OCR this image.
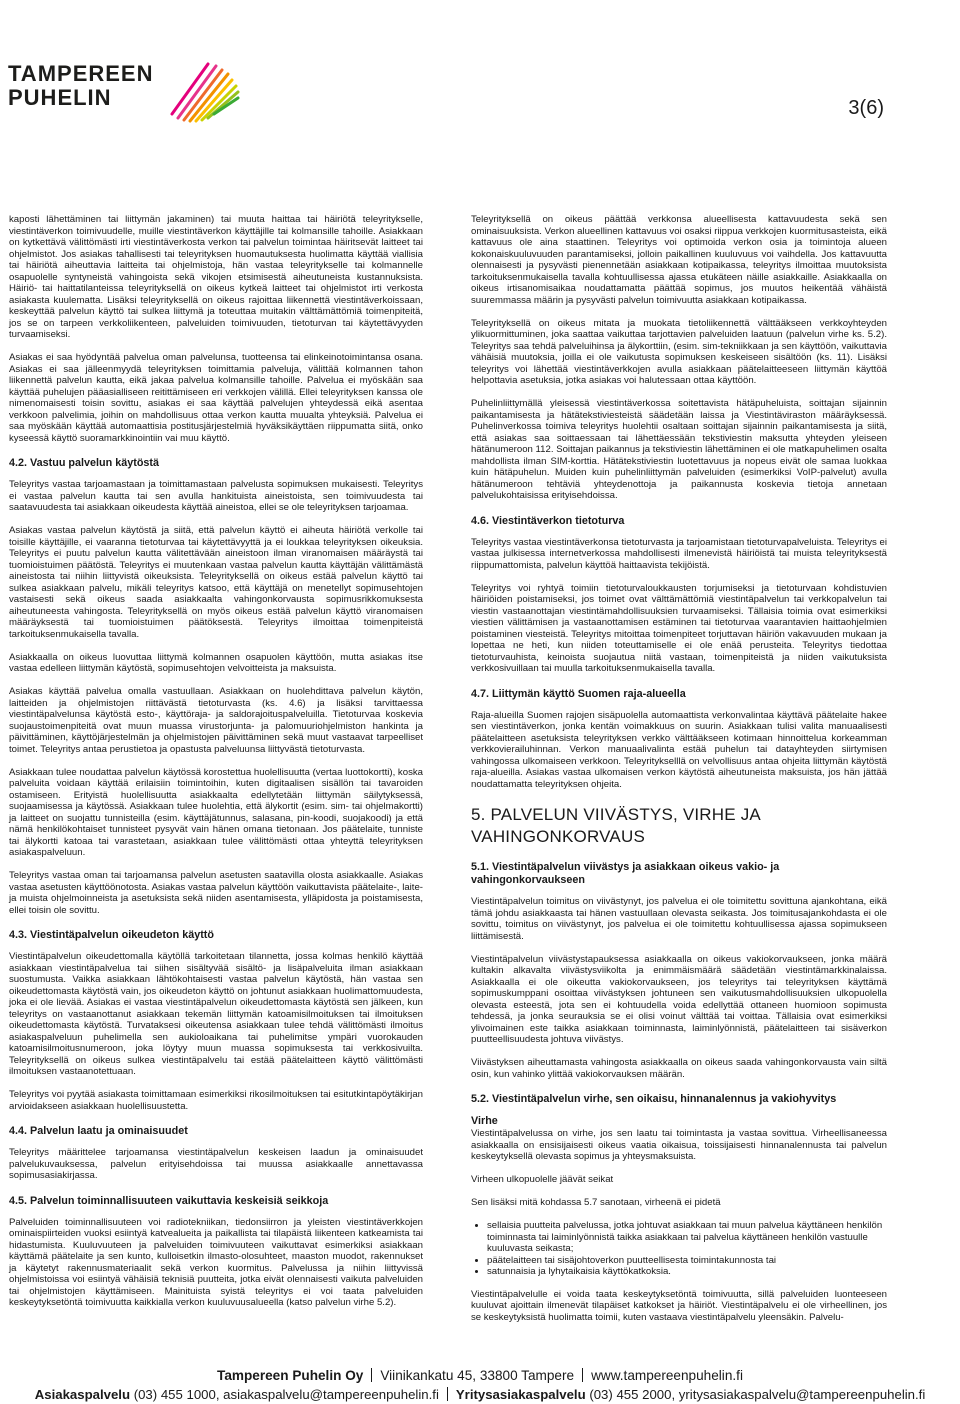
TAMPEREEN
PUHELIN	3(6)

kaposti lähettäminen tai liittymän jakaminen) tai muuta haittaa tai häiriötä teleyritykselle, viestintäverkon toimivuudelle, muille viestintäverkon käyttäjille tai kolmansille tahoille. Asiakkaan on kytkettävä välittömästi irti viestintäverkosta verkon tai palvelun toimintaa häiritsevät laitteet tai ohjelmistot. Jos asiakas tahallisesti tai teleyrityksen huomautuksesta huolimatta käyttää viallisia tai häiriötä aiheuttavia laitteita tai ohjelmistoja, hän vastaa teleyritykselle tai kolmannelle osapuolelle syntyneistä vahingoista sekä vikojen etsimisestä aiheutuneista kustannuksista. Häiriö- tai haittatilanteissa teleyrityksellä on oikeus kytkeä laitteet tai ohjelmistot irti verkosta asiakasta kuulematta. Lisäksi teleyrityksellä on oikeus rajoittaa liikennettä viestintäverkoissaan, keskeyttää palvelun käyttö tai sulkea liittymä ja toteuttaa muitakin välttämättömiä toimenpiteitä, jos se on tarpeen verkkoliikenteen, palveluiden toimivuuden, tietoturvan tai käytettävyyden turvaamiseksi.

Asiakas ei saa hyödyntää palvelua oman palvelunsa, tuotteensa tai elinkeinotoimintansa osana. Asiakas ei saa jälleenmyydä teleyrityksen toimittamia palveluja, välittää kolmannen tahon liikennettä palvelun kautta, eikä jakaa palvelua kolmansille tahoille. Palvelua ei myöskään saa käyttää puhelujen pääasialliseen reitittämiseen eri verkkojen välillä. Ellei teleyrityksen kanssa ole nimenomaisesti toisin sovittu, asiakas ei saa käyttää palvelujen yhteydessä eikä asentaa verkkoon palvelimia, joihin on mahdollisuus ottaa verkon kautta muualta yhteyksiä. Palvelua ei saa myöskään käyttää automaattisia postitusjärjestelmiä hyväksikäyttäen riippumatta siitä, onko kyseessä käyttö suoramarkkinointiin vai muu käyttö.

4.2. Vastuu palvelun käytöstä

Teleyritys vastaa tarjoamastaan ja toimittamastaan palvelusta sopimuksen mukaisesti. Teleyritys ei vastaa palvelun kautta tai sen avulla hankituista aineistoista, sen toimivuudesta tai saatavuudesta tai asiakkaan oikeudesta käyttää aineistoa, ellei se ole teleyrityksen tarjoamaa.

Asiakas vastaa palvelun käytöstä ja siitä, että palvelun käyttö ei aiheuta häiriötä verkolle tai toisille käyttäjille, ei vaaranna tietoturvaa tai käytettävyyttä ja ei loukkaa teleyrityksen oikeuksia. Teleyritys ei puutu palvelun kautta välitettävään aineistoon ilman viranomaisen määräystä tai tuomioistuimen päätöstä. Teleyritys ei muutenkaan vastaa palvelun kautta käyttäjän välittämästä aineistosta tai niihin liittyvistä oikeuksista. Teleyrityksellä on oikeus estää palvelun käyttö tai sulkea asiakkaan palvelu, mikäli teleyritys katsoo, että käyttäjä on menetellyt sopimusehtojen vastaisesti sekä oikeus saada asiakkaalta vahingonkorvausta sopimusrikkomuksesta aiheutuneesta vahingosta. Teleyrityksellä on myös oikeus estää palvelun käyttö viranomaisen määräyksestä tai tuomioistuimen päätöksestä. Teleyritys ilmoittaa toimenpiteistä tarkoituksenmukaisella tavalla.

Asiakkaalla on oikeus luovuttaa liittymä kolmannen osapuolen käyttöön, mutta asiakas itse vastaa edelleen liittymän käytöstä, sopimusehtojen velvoitteista ja maksuista.

Asiakas käyttää palvelua omalla vastuullaan. Asiakkaan on huolehdittava palvelun käytön, laitteiden ja ohjelmistojen riittävästä tietoturvasta (ks. 4.6) ja lisäksi tarvittaessa viestintäpalvelunsa käytöstä esto-, käyttöraja- ja saldorajoituspalveluilla. Tietoturvaa koskevia suojaustoimenpiteitä ovat muun muassa virustorjunta- ja palomuuriohjelmiston hankinta ja päivittäminen, käyttöjärjestelmän ja ohjelmistojen päivittäminen sekä muut vastaavat tarpeelliset toimet. Teleyritys antaa perustietoa ja opastusta palveluunsa liittyvästä tietoturvasta.

Asiakkaan tulee noudattaa palvelun käytössä korostettua huolellisuutta (vertaa luottokortti), koska palveluita voidaan käyttää erilaisiin toimintoihin, kuten digitaalisen sisällön tai tavaroiden ostamiseen. Erityistä huolellisuutta asiakkaalta edellytetään liittymän säilytyksessä, suojaamisessa ja käytössä. Asiakkaan tulee huolehtia, että älykortit (esim. sim- tai ohjelmakortti) ja laitteet on suojattu tunnisteilla (esim. käyttäjätunnus, salasana, pin-koodi, suojakoodi) ja että nämä henkilökohtaiset tunnisteet pysyvät vain hänen omana tietonaan. Jos päätelaite, tunniste tai älykortti katoaa tai varastetaan, asiakkaan tulee välittömästi ottaa yhteyttä teleyrityksen asiakaspalveluun.

Teleyritys vastaa oman tai tarjoamansa palvelun asetusten saatavilla olosta asiakkaalle. Asiakas vastaa asetusten käyttöönotosta. Asiakas vastaa palvelun käyttöön vaikuttavista päätelaite-, laite- ja muista ohjelmoinneista ja asetuksista sekä niiden asentamisesta, ylläpidosta ja poistamisesta, ellei toisin ole sovittu.

4.3. Viestintäpalvelun oikeudeton käyttö

Viestintäpalvelun oikeudettomalla käytöllä tarkoitetaan tilannetta, jossa kolmas henkilö käyttää asiakkaan viestintäpalvelua tai siihen sisältyvää sisältö- ja lisäpalveluita ilman asiakkaan suostumusta. Vaikka asiakkaan lähtökohtaisesti vastaa palvelun käytöstä, hän vastaa sen oikeudettomasta käytöstä vain, jos oikeudeton käyttö on johtunut asiakkaan huolimattomuudesta, joka ei ole lievää. Asiakas ei vastaa viestintäpalvelun oikeudettomasta käytöstä sen jälkeen, kun teleyritys on vastaanottanut asiakkaan tekemän liittymän katoamisilmoituksen tai ilmoituksen oikeudettomasta käytöstä. Turvataksesi oikeutensa asiakkaan tulee tehdä välittömästi ilmoitus asiakaspalveluun puhelimella sen aukioloaikana tai puhelimitse ympäri vuorokauden katoamisilmoitusnumeroon, joka löytyy muun muassa sopimuksesta tai verkkosivuilta. Teleyrityksellä on oikeus sulkea viestintäpalvelu tai estää päätelaitteen käyttö välittömästi ilmoituksen vastaanotettuaan.

Teleyritys voi pyytää asiakasta toimittamaan esimerkiksi rikosilmoituksen tai esitutkintapöytäkirjan arvioidakseen asiakkaan huolellisuustetta.

4.4. Palvelun laatu ja ominaisuudet

Teleyritys määrittelee tarjoamansa viestintäpalvelun keskeisen laadun ja ominaisuudet palvelukuvauksessa, palvelun erityisehdoissa tai muussa asiakkaalle annettavassa sopimusasiakirjassa.

4.5. Palvelun toiminnallisuuteen vaikuttavia keskeisiä seikkoja

Palveluiden toiminnallisuuteen voi radiotekniikan, tiedonsiirron ja yleisten viestintäverkkojen ominaispiirteiden vuoksi esiintyä katvealueita ja paikallista tai tilapäistä liikenteen katkeamista tai hidastumista. Kuuluvuuteen ja palveluiden toimivuuteen vaikuttavat esimerkiksi asiakkaan käyttämä päätelaite ja sen kunto, kulloisetkin ilmasto-olosuhteet, maaston muodot, rakennukset ja käytetyt rakennusmateriaalit sekä verkon kuormitus. Palvelussa ja niihin liittyvissä ohjelmistoissa voi esiintyä vähäisiä teknisiä puutteita, jotka eivät olennaisesti vaikuta palveluiden tai ohjelmistojen käyttämiseen. Mainituista syistä teleyritys ei voi taata palveluiden keskeytyksetöntä toimivuutta kaikkialla verkon kuuluvuusalueella (katso palvelun virhe 5.2).

Teleyrityksellä on oikeus päättää verkkonsa alueellisesta kattavuudesta sekä sen ominaisuuksista. Verkon alueellinen kattavuus voi osaksi riippua verkkojen kuormitusasteista, eikä kattavuus ole aina staattinen. Teleyritys voi optimoida verkon osia ja toimintoja alueen kokonaiskuuluvuuden parantamiseksi, jolloin paikallinen kuuluvuus voi vaihdella. Jos kattavuutta olennaisesti ja pysyvästi pienennetään asiakkaan kotipaikassa, teleyritys ilmoittaa muutoksista tarkoituksenmukaisella tavalla kohtuullisessa ajassa etukäteen näille asiakkaille. Asiakkaalla on oikeus irtisanomisaikaa noudattamatta päättää sopimus, jos muutos heikentää vähäistä suuremmassa määrin ja pysyvästi palvelun toimivuutta asiakkaan kotipaikassa.

Teleyrityksellä on oikeus mitata ja muokata tietoliikennettä välttääkseen verkkoyhteyden ylikuormittuminen, joka saattaa vaikuttaa tarjottavien palveluiden laatuun (palvelun virhe ks. 5.2). Teleyritys saa tehdä palveluihinsa ja älykorttiin, (esim. sim-tekniikkaan ja sen käyttöön, vaikuttavia vähäisiä muutoksia, joilla ei ole vaikutusta sopimuksen keskeiseen sisältöön (ks. 11). Lisäksi teleyritys voi lähettää viestintäverkkojen avulla asiakkaan päätelaitteeseen liittymän käyttöä helpottavia asetuksia, jotka asiakas voi halutessaan ottaa käyttöön.

Puhelinliittymällä yleisessä viestintäverkossa soitettavista hätäpuheluista, soittajan sijainnin paikantamisesta ja hätätekstiviesteistä säädetään laissa ja Viestintäviraston määräyksessä. Puhelinverkossa toimiva teleyritys huolehtii osaltaan soittajan sijainnin paikantamisesta ja siitä, että asiakas saa soittaessaan tai lähettäessään tekstiviestin maksutta yhteyden yleiseen hätänumeroon 112. Soittajan paikannus ja tekstiviestin lähettäminen ei ole matkapuhelimen osalta mahdollista ilman SIM-korttia. Hätätekstiviestin luotettavuus ja nopeus eivät ole samaa luokkaa kuin hätäpuhelun. Muiden kuin puhelinliittymän palveluiden (esimerkiksi VoIP-palvelut) avulla hätänumeroon tehtäviä yhteydenottoja ja paikannusta koskevia tietoja annetaan palvelukohtaisissa erityisehdoissa.

4.6. Viestintäverkon tietoturva

Teleyritys vastaa viestintäverkonsa tietoturvasta ja tarjoamistaan tietoturvapalveluista. Teleyritys ei vastaa julkisessa internetverkossa mahdollisesti ilmenevistä häiriöistä tai muista teleyrityksestä riippumattomista, palvelun käyttöä haittaavista tekijöistä.

Teleyritys voi ryhtyä toimiin tietoturvaloukkausten torjumiseksi ja tietoturvaan kohdistuvien häiriöiden poistamiseksi, jos toimet ovat välttämättömiä viestintäpalvelun tai verkkopalvelun tai viestin vastaanottajan viestintämahdollisuuksien turvaamiseksi. Tällaisia toimia ovat esimerkiksi viestien välittämisen ja vastaanottamisen estäminen tai tietoturvaa vaarantavien haittaohjelmien poistaminen viesteistä. Teleyritys mitoittaa toimenpiteet torjuttavan häiriön vakavuuden mukaan ja lopettaa ne heti, kun niiden toteuttamiselle ei ole enää perusteita. Teleyritys tiedottaa tietoturvauhista, keinoista suojautua niitä vastaan, toimenpiteistä ja niiden vaikutuksista verkkosivuillaan tai muulla tarkoituksenmukaisella tavalla.

4.7. Liittymän käyttö Suomen raja-alueella

Raja-alueilla Suomen rajojen sisäpuolella automaattista verkonvalintaa käyttävä päätelaite hakee sen viestintäverkon, jonka kentän voimakkuus on suurin. Asiakkaan tulisi valita manuaalisesti päätelaitteen asetuksista teleyrityksen verkko välttääkseen kotimaan hinnoittelua korkeamman verkkovierailuhinnan. Verkon manuaalivalinta estää puhelun tai datayhteyden siirtymisen vahingossa ulkomaiseen verkkoon. Teleyritykselllä on velvollisuus antaa ohjeita liittymän käytöstä raja-alueilla. Asiakas vastaa ulkomaisen verkon käytöstä aiheutuneista maksuista, jos hän jättää noudattamatta teleyrityksen ohjeita.

5. PALVELUN VIIVÄSTYS, VIRHE JA VAHINGONKORVAUS
5.1. Viestintäpalvelun viivästys ja asiakkaan oikeus vakio- ja vahingonkorvaukseen

Viestintäpalvelun toimitus on viivästynyt, jos palvelua ei ole toimitettu sovittuna ajankohtana, eikä tämä johdu asiakkaasta tai hänen vastuullaan olevasta seikasta. Jos toimitusajankohdasta ei ole sovittu, toimitus on viivästynyt, jos palvelua ei ole toimitettu kohtuullisessa ajassa sopimukseen liittämisestä.

Viestintäpalvelun viivästystapauksessa asiakkaalla on oikeus vakiokorvaukseen, jonka määrä kultakin alkavalta viivästysviikolta ja enimmäismäärä säädetään viestintämarkkinalaissa. Asiakkaalla ei ole oikeutta vakiokorvaukseen, jos teleyritys tai teleyrityksen käyttämä sopimuskumppani osoittaa viivästyksen johtuneen sen vaikutusmahdollisuuksien ulkopuolella olevasta esteestä, jota sen ei kohtuudella voida edellyttää ottaneen huomioon sopimusta tehdessä, ja jonka seurauksia se ei olisi voinut välttää tai voittaa. Tällaisia ovat esimerkiksi ylivoimainen este taikka asiakkaan toiminnasta, laiminlyönnistä, päätelaitteen tai sisäverkon puutteellisuudesta johtuva viivästys.

Viivästyksen aiheuttamasta vahingosta asiakkaalla on oikeus saada vahingonkorvausta vain siltä osin, kun vahinko ylittää vakiokorvauksen määrän.

5.2. Viestintäpalvelun virhe, sen oikaisu, hinnanalennus ja vakiohyvitys
Virhe

Viestintäpalvelussa on virhe, jos sen laatu tai toimintasta ja vastaa sovittua. Virheellisaneessa asiakkaalla on ensisijaisesti oikeus vaatia oikaisua, toissijaisesti hinnanalennusta tai palvelun keskeytyksellä olevasta sopimus ja yhteysmaksuista.

Virheen ulkopuolelle jäävät seikat

Sen lisäksi mitä kohdassa 5.7 sanotaan, virheenä ei pidetä

• sellaisia puutteita palvelussa, jotka johtuvat asiakkaan tai muun palvelua käyttäneen henkilön toiminnasta tai laiminlyönnistä taikka asiakkaan tai palvelua käyttäneen henkilön vastuulle kuuluvasta seikasta;
• päätelaitteen tai sisäjohtoverkon puutteellisesta toimintakunnosta tai
• satunnaisia ja lyhytaikaisia käyttökatkoksia.

Viestintäpalvelulle ei voida taata keskeytyksetöntä toimivuutta, sillä palveluiden luonteeseen kuuluvat ajoittain ilmenevät tilapäiset katkokset ja häiriöt. Viestintäpalvelu ei ole virheellinen, jos se keskeytyksistä huolimatta toimii, kuten vastaava viestintäpalvelu yleensäkin. Palvelu-

Tampereen Puhelin Oy Viinikankatu 45, 33800 Tampere www.tampereenpuhelin.fi
Asiakaspalvelu (03) 455 1000, asiakaspalvelu@tampereenpuhelin.fi Yritysasiakaspalvelu (03) 455 2000, yritysasiakaspalvelu@tampereenpuhelin.fi
